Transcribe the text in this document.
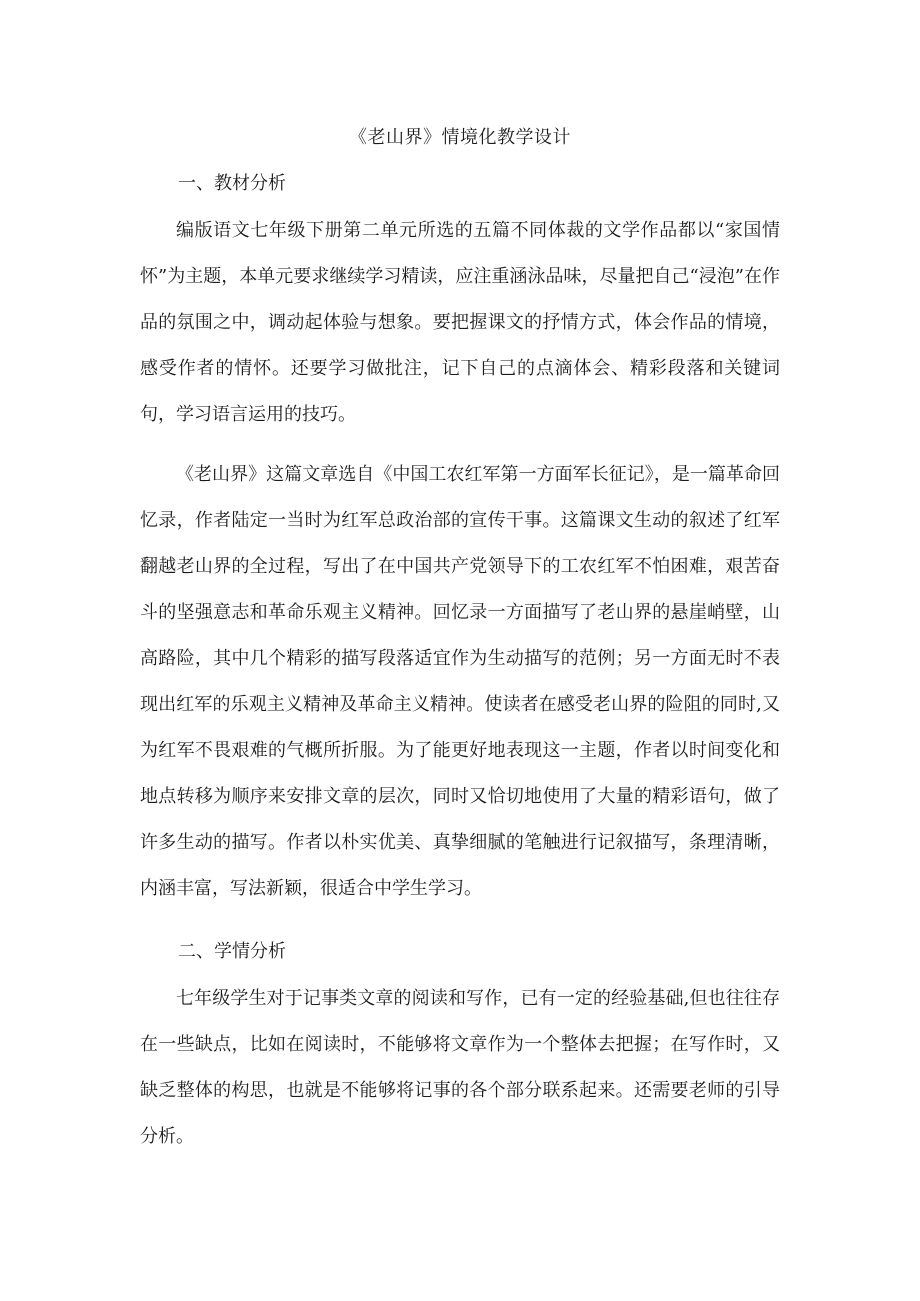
《老山界》情境化教学设计

一、教材分析

编版语文七年级下册第二单元所选的五篇不同体裁的文学作品都以“家国情怀”为主题，本单元要求继续学习精读，应注重涵泳品味，尽量把自己“浸泡”在作品的氛围之中，调动起体验与想象。要把握课文的抒情方式，体会作品的情境，感受作者的情怀。还要学习做批注，记下自己的点滴体会、精彩段落和关键词句，学习语言运用的技巧。

《老山界》这篇文章选自《中国工农红军第一方面军长征记》，是一篇革命回忆录，作者陆定一当时为红军总政治部的宣传干事。这篇课文生动的叙述了红军翻越老山界的全过程，写出了在中国共产党领导下的工农红军不怕困难，艰苦奋斗的坚强意志和革命乐观主义精神。回忆录一方面描写了老山界的悬崖峭壁，山高路险，其中几个精彩的描写段落适宜作为生动描写的范例；另一方面无时不表现出红军的乐观主义精神及革命主义精神。使读者在感受老山界的险阻的同时,又为红军不畏艰难的气概所折服。为了能更好地表现这一主题，作者以时间变化和地点转移为顺序来安排文章的层次，同时又恰切地使用了大量的精彩语句，做了许多生动的描写。作者以朴实优美、真挚细腻的笔触进行记叙描写，条理清晰，内涵丰富，写法新颖，很适合中学生学习。

二、学情分析

七年级学生对于记事类文章的阅读和写作，已有一定的经验基础,但也往往存在一些缺点，比如在阅读时，不能够将文章作为一个整体去把握；在写作时，又缺乏整体的构思，也就是不能够将记事的各个部分联系起来。还需要老师的引导分析。
